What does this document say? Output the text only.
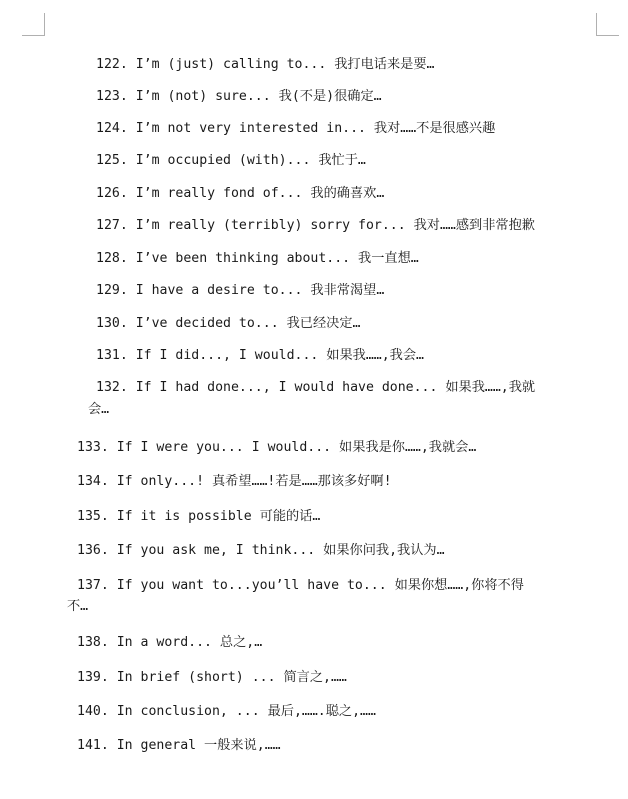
122. I’m (just) calling to... 我打电话来是要…
123. I’m (not) sure... 我(不是)很确定…
124. I’m not very interested in... 我对……不是很感兴趣
125. I’m occupied (with)... 我忙于…
126. I’m really fond of... 我的确喜欢…
127. I’m really (terribly) sorry for... 我对……感到非常抱歉
128. I’ve been thinking about... 我一直想…
129. I have a desire to... 我非常渴望…
130. I’ve decided to... 我已经决定…
131. If I did..., I would... 如果我……,我会…
132. If I had done..., I would have done... 如果我……,我就
会…
133. If I were you... I would... 如果我是你……,我就会…
134. If only...! 真希望……!若是……那该多好啊!
135. If it is possible 可能的话…
136. If you ask me, I think... 如果你问我,我认为…
137. If you want to...you’ll have to... 如果你想……,你将不得
不…
138. In a word... 总之,…
139. In brief (short) ... 简言之,……
140. In conclusion, ... 最后,…….聪之,……
141. In general 一般来说,……
